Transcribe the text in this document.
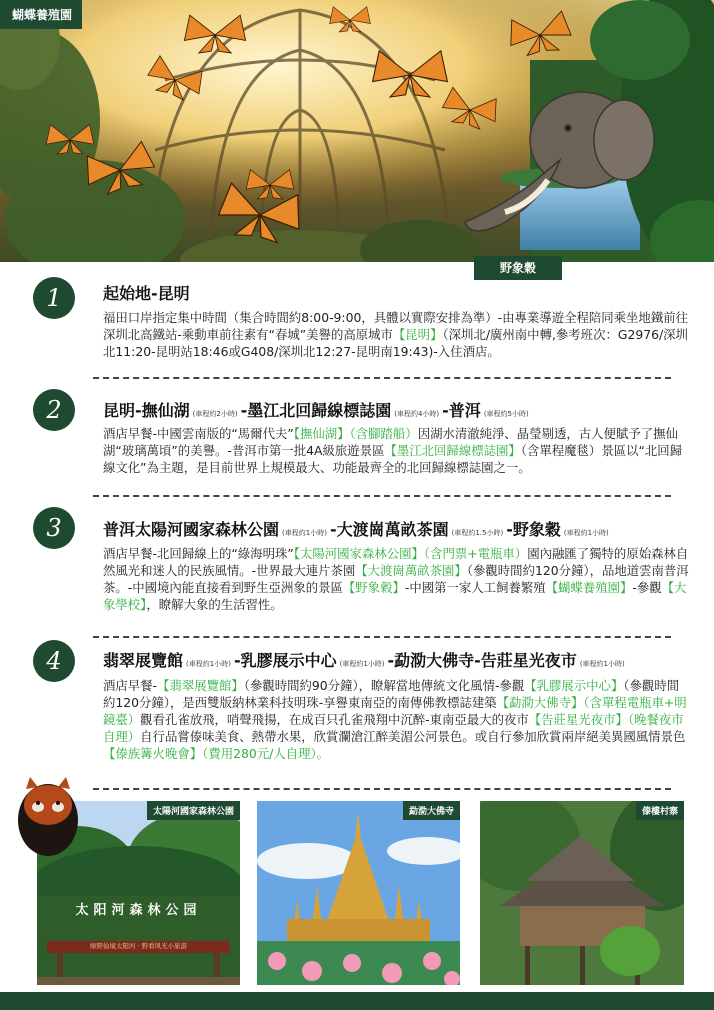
蝴蝶養殖園
野象穀
1	起始地-昆明
福田口岸指定集中時間（集合時間約8:00-9:00，具體以實際安排為準）-由專業導遊全程陪同乘坐地鐵前往深圳北高鐵站-乘動車前往素有“春城”美譽的高原城市【昆明】（深圳北/廣州南中轉,參考班次：G2976/深圳北11:20-昆明站18:46或G408/深圳北12:27-昆明南19:43)-入住酒店。
2	昆明-撫仙湖 (車程約2小時) -墨江北回歸線標誌園 (車程約4小時) -普洱 (車程約5小時)
酒店早餐-中國雲南版的“馬爾代夫”【撫仙湖】（含腳踏船）因湖水清澈純淨、晶瑩剔透，古人便賦予了撫仙湖“玻璃萬頃”的美譽。-普洱市第一批4A級旅遊景區【墨江北回歸線標誌園】（含單程魔毯）景區以“北回歸線文化”為主題，是目前世界上規模最大、功能最齊全的北回歸線標誌園之一。
3	普洱太陽河國家森林公園 (車程約1小時) -大渡崗萬畝茶園 (車程約1.5小時) -野象穀 (車程約1小時)
酒店早餐-北回歸線上的“綠海明珠”【太陽河國家森林公園】（含門票+電瓶車）園內融匯了獨特的原始森林自然風光和迷人的民族風情。-世界最大連片茶園【大渡崗萬畝茶園】（參觀時間約120分鐘），品地道雲南普洱茶。-中國境內能直接看到野生亞洲象的景區【野象穀】-中國第一家人工飼養繁殖【蝴蝶養殖園】-參觀【大象學校】，瞭解大象的生活習性。
4	翡翠展覽館 (車程約1小時) -乳膠展示中心 (車程約1小時) -勐泐大佛寺-告莊星光夜市 (車程約1小時)
酒店早餐-【翡翠展覽館】（參觀時間約90分鐘），瞭解當地傳統文化風情-參觀【乳膠展示中心】（參觀時間約120分鐘），是西雙版納林業科技明珠-享譽東南亞的南傳佛教標誌建築【勐泐大佛寺】（含單程電瓶車+明鏡臺）觀看孔雀放飛，哨聲飛揚，在成百只孔雀飛翔中沉醉-東南亞最大的夜市【告莊星光夜市】（晚餐夜市自理）自行品嘗傣味美食、熱帶水果，欣賞瀾滄江醉美湄公河景色。或自行參加欣賞兩岸絕美異國風情景色【傣族篝火晚會】（費用280元/人自理）。
太阳河森林公园
绿野仙境太阳河 · 野看风光小旅游
太陽河國家森林公園	勐泐大佛寺	傣樓村寨
